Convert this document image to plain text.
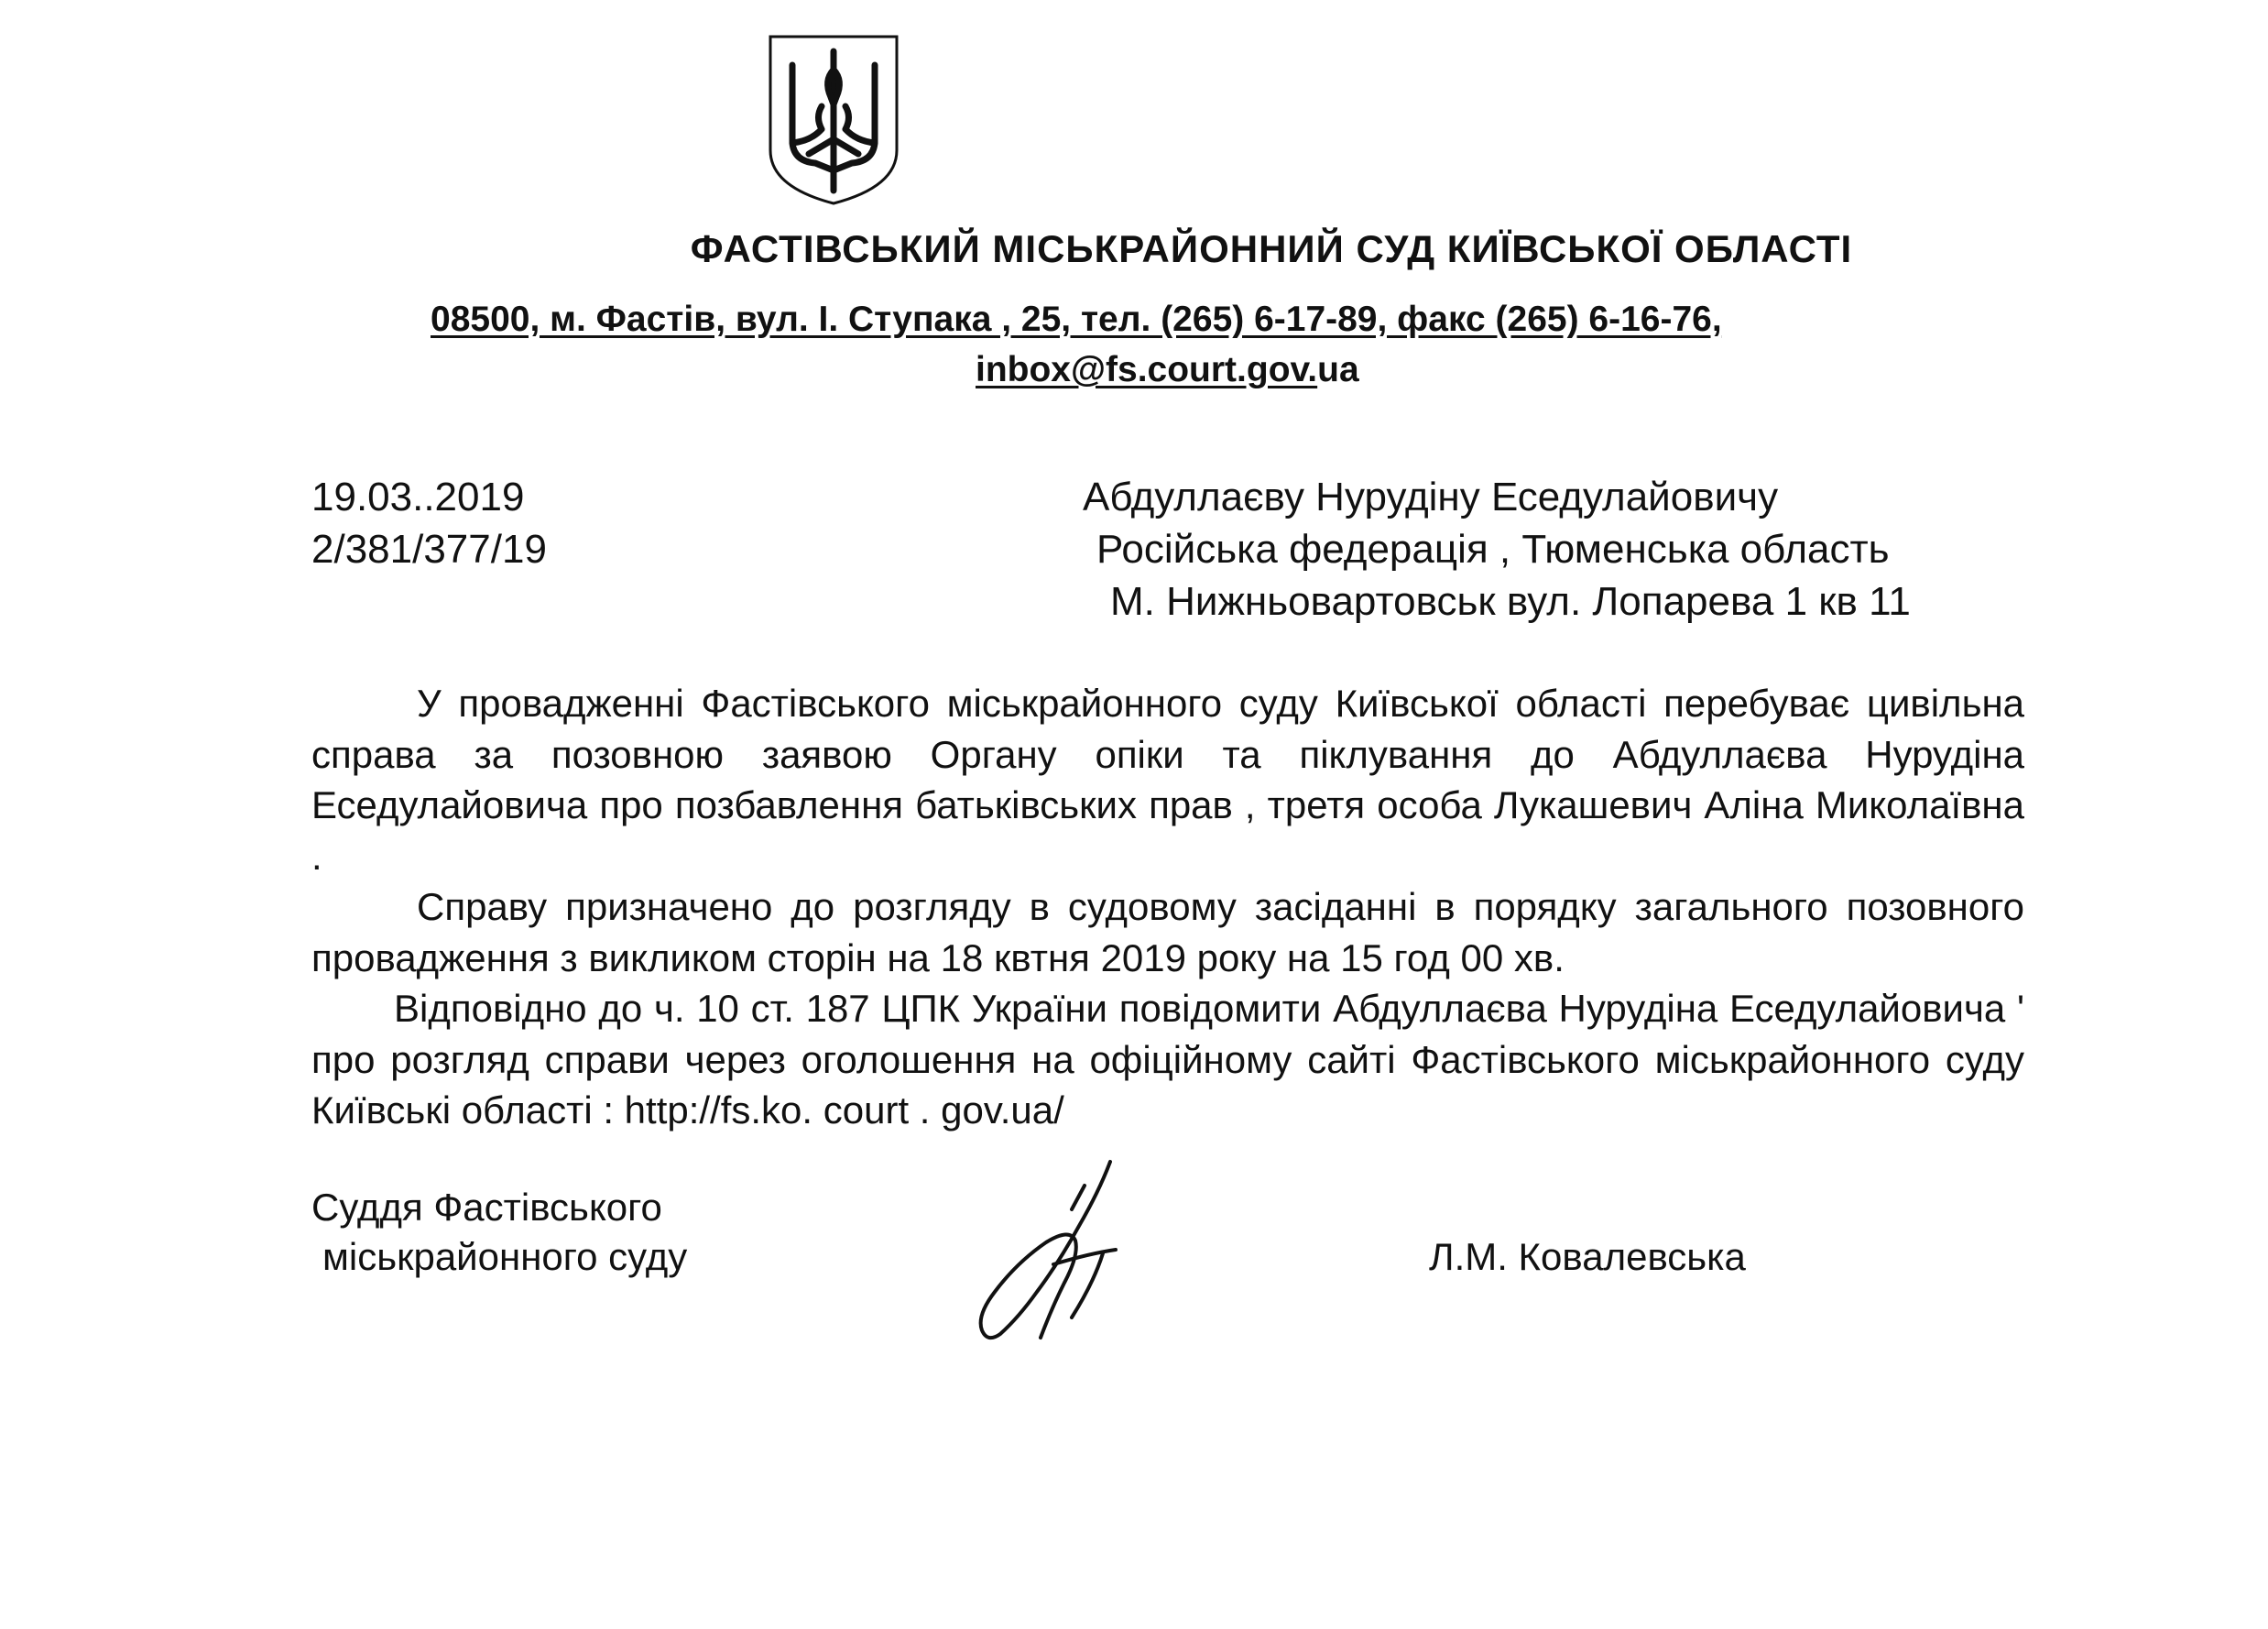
ФАСТІВСЬКИЙ МІСЬКРАЙОННИЙ СУД КИЇВСЬКОЇ ОБЛАСТІ
08500, м. Фастів, вул. І. Ступака , 25, тел. (265) 6-17-89, факс (265) 6-16-76,
inbox@fs.court.gov.ua
19.03..2019
2/381/377/19
Абдуллаєву Нурудіну Еседулайовичу
Російська федерація , Тюменська область
М. Нижньовартовськ вул. Лопарева 1 кв 11

У провадженні Фастівського міськрайонного суду Київської області перебуває цивільна справа за позовною заявою Органу опіки та піклування до Абдуллаєва Нурудіна Еседулайовича про позбавлення батьківських прав , третя особа Лукашевич Аліна Миколаївна .

Справу призначено до розгляду в судовому засіданні в порядку загального позовного провадження з викликом сторін на 18 квтня 2019 року на 15 год 00 хв.

Відповідно до ч. 10 ст. 187 ЦПК України повідомити Абдуллаєва Нурудіна Еседулайовича ' про розгляд справи через оголошення на офіційному сайті Фастівського міськрайонного суду Київські області : http://fs.ko. court . gov.ua/

Суддя Фастівського
міськрайонного суду	Л.М. Ковалевська
